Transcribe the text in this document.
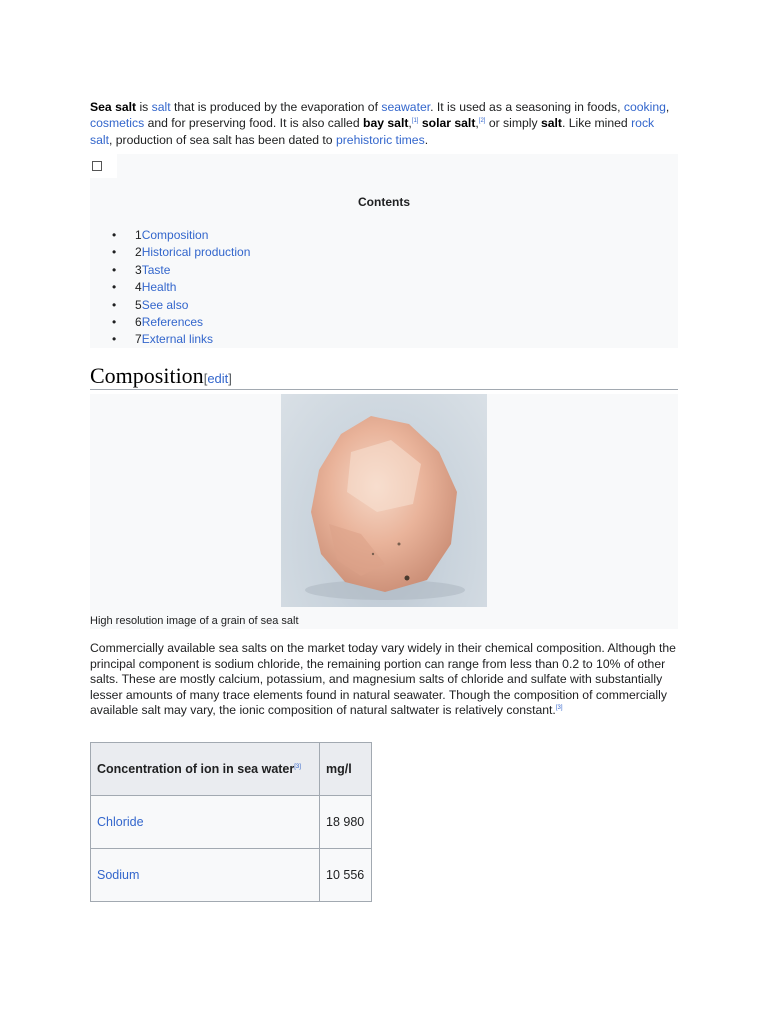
Sea salt is salt that is produced by the evaporation of seawater. It is used as a seasoning in foods, cooking, cosmetics and for preserving food. It is also called bay salt,[1] solar salt,[2] or simply salt. Like mined rock salt, production of sea salt has been dated to prehistoric times.
Contents
• 1Composition
• 2Historical production
• 3Taste
• 4Health
• 5See also
• 6References
• 7External links
Composition[edit]
High resolution image of a grain of sea salt
Commercially available sea salts on the market today vary widely in their chemical composition. Although the principal component is sodium chloride, the remaining portion can range from less than 0.2 to 10% of other salts. These are mostly calcium, potassium, and magnesium salts of chloride and sulfate with substantially lesser amounts of many trace elements found in natural seawater. Though the composition of commercially available salt may vary, the ionic composition of natural saltwater is relatively constant.[3]
Concentration of ion in sea water[3]	mg/l
Chloride	18 980
Sodium	10 556
